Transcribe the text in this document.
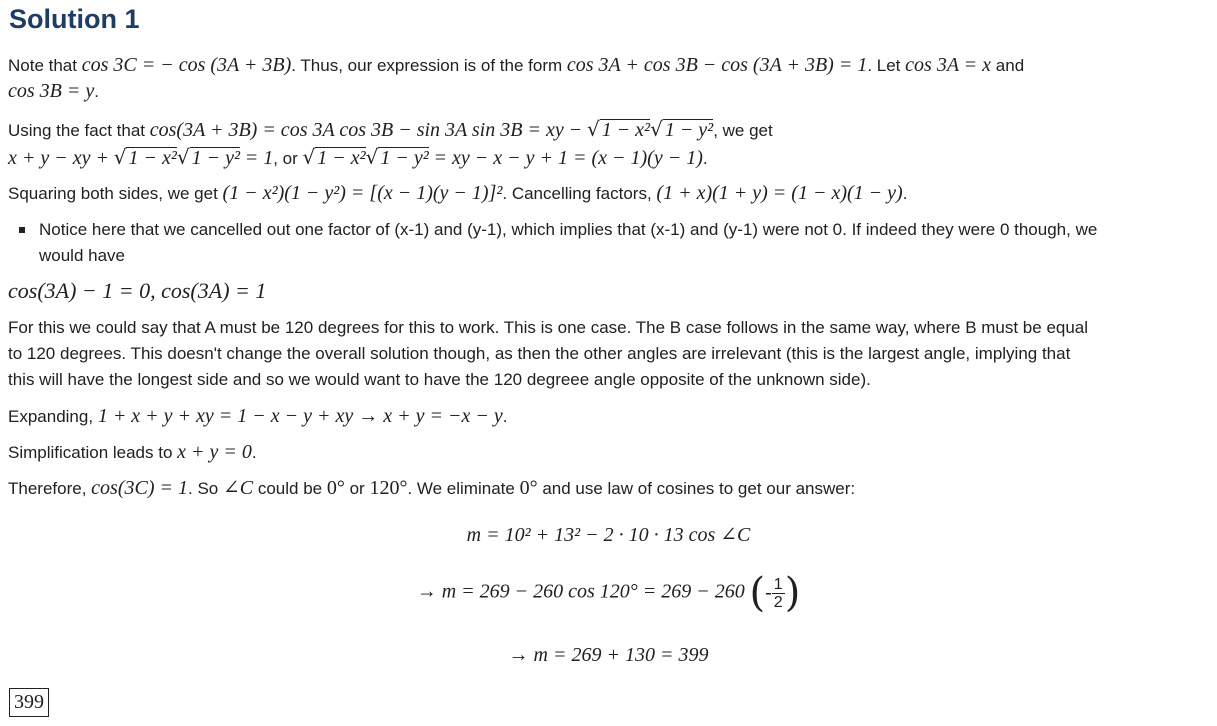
Solution 1
Note that cos 3C = − cos (3A + 3B). Thus, our expression is of the form cos 3A + cos 3B − cos (3A + 3B) = 1. Let cos 3A = x and
cos 3B = y.
Using the fact that cos(3A + 3B) = cos 3A cos 3B − sin 3A sin 3B = xy − √ 1 − x²√ 1 − y², we get
x + y − xy + √ 1 − x²√ 1 − y² = 1, or √ 1 − x²√ 1 − y² = xy − x − y + 1 = (x − 1)(y − 1).
Squaring both sides, we get (1 − x²)(1 − y²) = [(x − 1)(y − 1)]². Cancelling factors, (1 + x)(1 + y) = (1 − x)(1 − y).
Notice here that we cancelled out one factor of (x-1) and (y-1), which implies that (x-1) and (y-1) were not 0. If indeed they were 0 though, we
would have
cos(3A) − 1 = 0, cos(3A) = 1
For this we could say that A must be 120 degrees for this to work. This is one case. The B case follows in the same way, where B must be equal
to 120 degrees. This doesn't change the overall solution though, as then the other angles are irrelevant (this is the largest angle, implying that
this will have the longest side and so we would want to have the 120 degreee angle opposite of the unknown side).
Expanding, 1 + x + y + xy = 1 − x − y + xy → x + y = −x − y.
Simplification leads to x + y = 0.
Therefore, cos(3C) = 1. So ∠C could be 0° or 120°. We eliminate 0° and use law of cosines to get our answer:
m = 10² + 13² − 2 · 10 · 13 cos ∠C
→ m = 269 − 260 cos 120° = 269 − 260 (- $\frac{1}{2}$ )
→ m = 269 + 130 = 399
399
